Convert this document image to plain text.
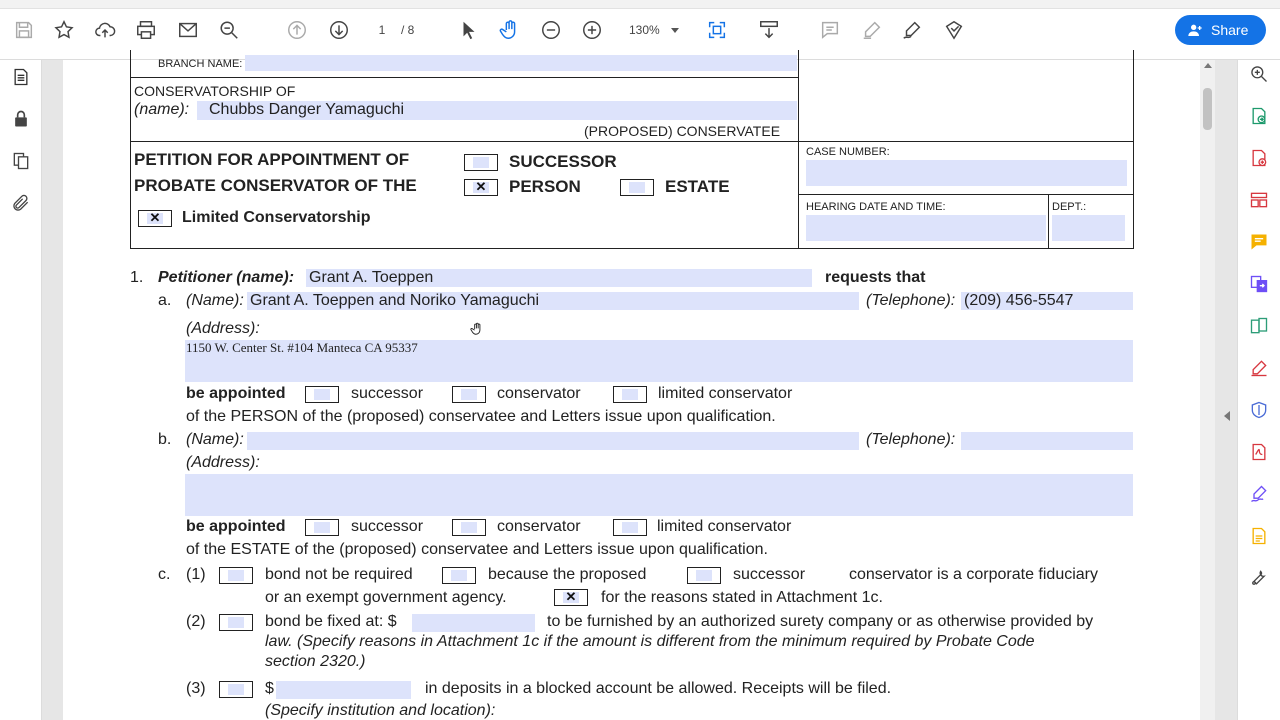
1	/ 8	130%	Share
BRANCH NAME:
CONSERVATORSHIP OF
(name):	Chubbs Danger Yamaguchi
(PROPOSED) CONSERVATEE
PETITION FOR APPOINTMENT OF
PROBATE CONSERVATOR OF THE
SUCCESSOR
✕
PERSON	ESTATE
✕
Limited Conservatorship
CASE NUMBER:
HEARING DATE AND TIME:	DEPT.:
1. Petitioner (name): Grant A. Toeppen	requests that
a. (Name): Grant A. Toeppen and Noriko Yamaguchi	(Telephone): (209) 456-5547
(Address):
1150 W. Center St. #104 Manteca CA 95337
be appointed	successor	conservator	limited conservator
of the PERSON of the (proposed) conservatee and Letters issue upon qualification.
b. (Name):	(Telephone):
(Address):
be appointed	successor	conservator	limited conservator
of the ESTATE of the (proposed) conservatee and Letters issue upon qualification.
c. (1)	bond not be required	because the proposed	successor	conservator is a corporate fiduciary
or an exempt government agency.
✕	for the reasons stated in Attachment 1c.
(2)	bond be fixed at: $	to be furnished by an authorized surety company or as otherwise provided by
law. (Specify reasons in Attachment 1c if the amount is different from the minimum required by Probate Code
section 2320.)
(3)	$	in deposits in a blocked account be allowed. Receipts will be filed.
(Specify institution and location):
